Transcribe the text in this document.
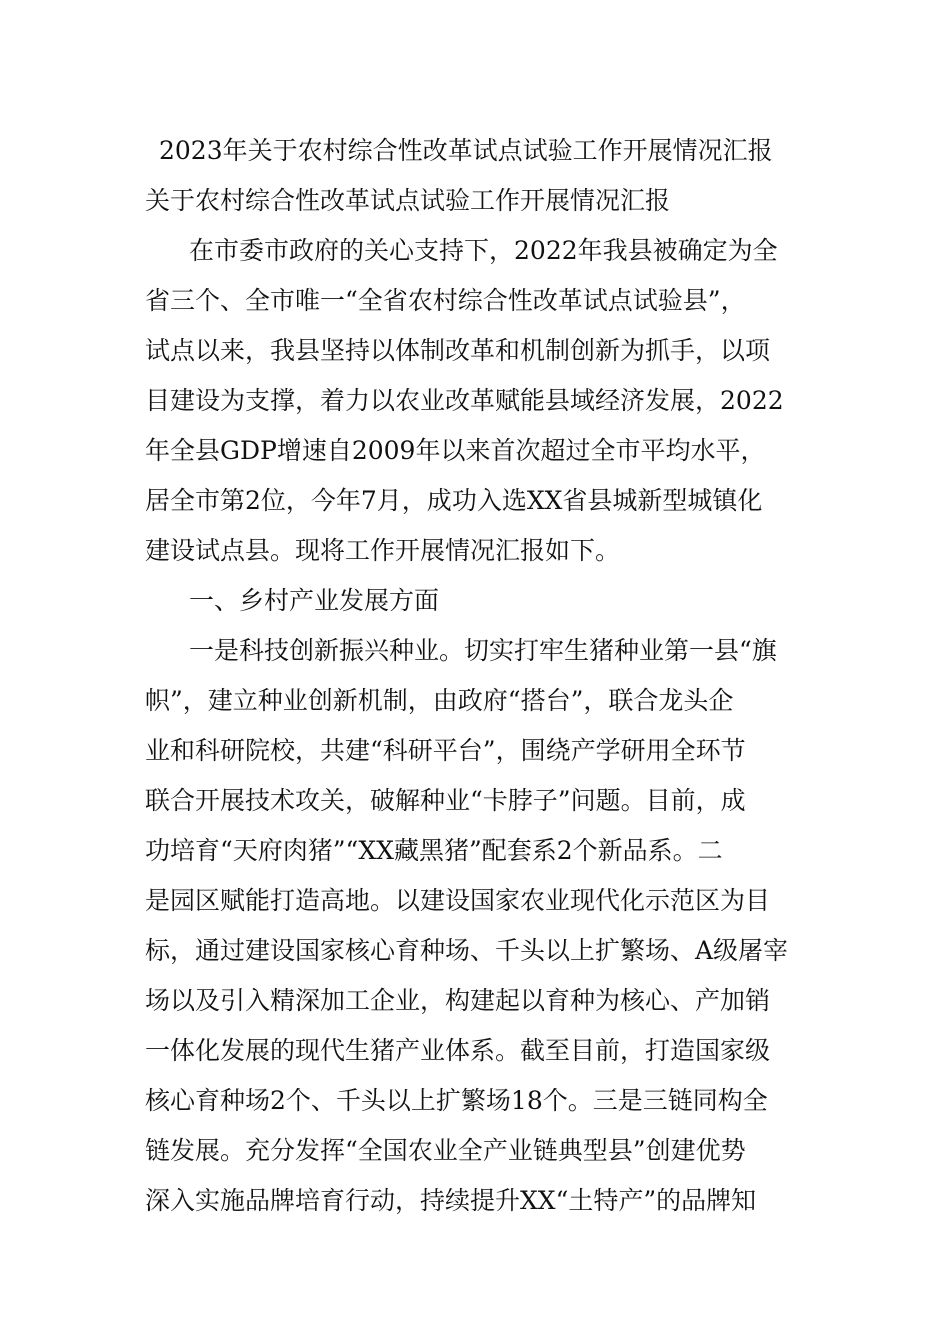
2023年关于农村综合性改革试点试验工作开展情况汇报
关于农村综合性改革试点试验工作开展情况汇报
在市委市政府的关心支持下，2022年我县被确定为全
省三个、全市唯一“全省农村综合性改革试点试验县”，
试点以来，我县坚持以体制改革和机制创新为抓手，以项
目建设为支撑，着力以农业改革赋能县域经济发展，2022
年全县GDP增速自2009年以来首次超过全市平均水平，
居全市第2位，今年7月，成功入选XX省县城新型城镇化
建设试点县。现将工作开展情况汇报如下。
一、乡村产业发展方面
一是科技创新振兴种业。切实打牢生猪种业第一县“旗
帜”，建立种业创新机制，由政府“搭台”，联合龙头企
业和科研院校，共建“科研平台”，围绕产学研用全环节
联合开展技术攻关，破解种业“卡脖子”问题。目前，成
功培育“天府肉猪”“XX藏黑猪”配套系2个新品系。二
是园区赋能打造高地。以建设国家农业现代化示范区为目
标，通过建设国家核心育种场、千头以上扩繁场、A级屠宰
场以及引入精深加工企业，构建起以育种为核心、产加销
一体化发展的现代生猪产业体系。截至目前，打造国家级
核心育种场2个、千头以上扩繁场18个。三是三链同构全
链发展。充分发挥“全国农业全产业链典型县”创建优势
深入实施品牌培育行动，持续提升XX“土特产”的品牌知
